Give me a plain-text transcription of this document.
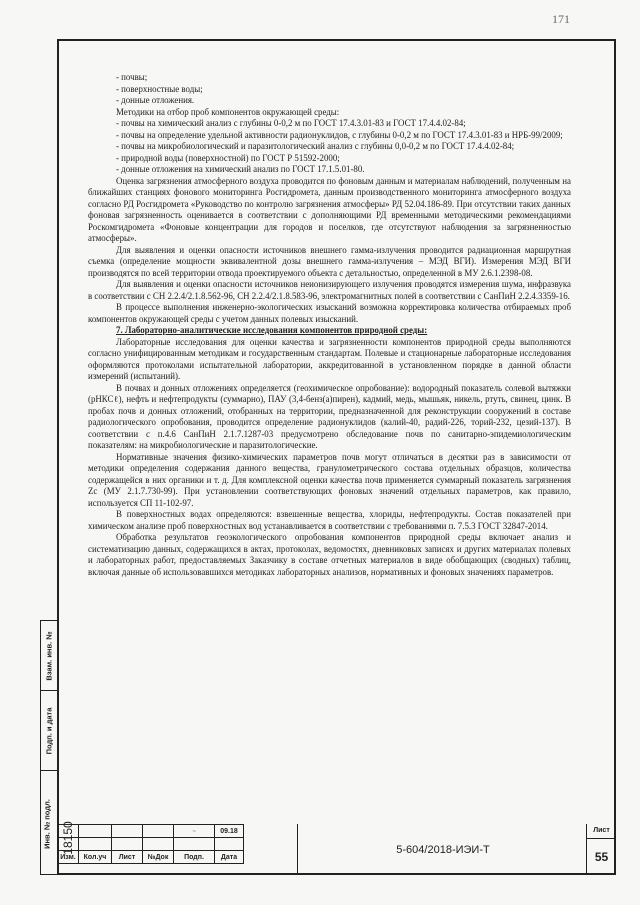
171

- почвы;

- поверхностные воды;

- донные отложения.

Методики на отбор проб компонентов окружающей среды:

- почвы на химический анализ с глубины 0-0,2 м по ГОСТ 17.4.3.01-83 и ГОСТ 17.4.4.02-84;

- почвы на определение удельной активности радионуклидов, с глубины 0-0,2 м по ГОСТ 17.4.3.01-83 и НРБ-99/2009;

- почвы на микробиологический и паразитологический анализ с глубины 0,0-0,2 м по ГОСТ 17.4.4.02-84;

- природной воды (поверхностной) по ГОСТ Р 51592-2000;

- донные отложения на химический анализ по ГОСТ 17.1.5.01-80.

Оценка загрязнения атмосферного воздуха проводится по фоновым данным и материалам наблюдений, полученным на ближайших станциях фонового мониторинга Росгидромета, данным производственного мониторинга атмосферного воздуха согласно РД Росгидромета «Руководство по контролю загрязнения атмосферы» РД 52.04.186-89. При отсутствии таких данных фоновая загрязненность оценивается в соответствии с дополняющими РД временными методическими рекомендациями Роскомгидромета «Фоновые концентрации для городов и поселков, где отсутствуют наблюдения за загрязненностью атмосферы».

Для выявления и оценки опасности источников внешнего гамма-излучения проводится радиационная маршрутная съемка (определение мощности эквивалентной дозы внешнего гамма-излучения – МЭД ВГИ). Измерения МЭД ВГИ производятся по всей территории отвода проектируемого объекта с детальностью, определенной в МУ 2.6.1.2398-08.

Для выявления и оценки опасности источников неионизирующего излучения проводятся измерения шума, инфразвука в соответствии с СН 2.2.4/2.1.8.562-96, СН 2.2.4/2.1.8.583-96, электромагнитных полей в соответствии с СанПиН 2.2.4.3359-16.

В процессе выполнения инженерно-экологических изысканий возможна корректировка количества отбираемых проб компонентов окружающей среды с учетом данных полевых изысканий.

7. Лабораторно-аналитические исследования компонентов природной среды:

Лабораторные исследования для оценки качества и загрязненности компонентов природной среды выполняются согласно унифицированным методикам и государственным стандартам. Полевые и стационарные лабораторные исследования оформляются протоколами испытательной лаборатории, аккредитованной в установленном порядке в данной области измерений (испытаний).

В почвах и донных отложениях определяется (геохимическое опробование): водородный показатель солевой вытяжки (рНКСℓ), нефть и нефтепродукты (суммарно), ПАУ (3,4-бенз(а)пирен), кадмий, медь, мышьяк, никель, ртуть, свинец, цинк. В пробах почв и донных отложений, отобранных на территории, предназначенной для реконструкции сооружений в составе радиологического опробования, проводится определение радионуклидов (калий-40, радий-226, торий-232, цезий-137). В соответствии с п.4.6 СанПиН 2.1.7.1287-03 предусмотрено обследование почв по санитарно-эпидемиологическим показателям: на микробиологические и паразитологические.

Нормативные значения физико-химических параметров почв могут отличаться в десятки раз в зависимости от методики определения содержания данного вещества, гранулометрического состава отдельных образцов, количества содержащейся в них органики и т. д. Для комплексной оценки качества почв применяется суммарный показатель загрязнения Zc (МУ 2.1.7.730-99). При установлении соответствующих фоновых значений отдельных параметров, как правило, используется СП 11-102-97.

В поверхностных водах определяются: взвешенные вещества, хлориды, нефтепродукты. Состав показателей при химическом анализе проб поверхностных вод устанавливается в соответствии с требованиями п. 7.5.3 ГОСТ 32847-2014.

Обработка результатов геоэкологического опробования компонентов природной среды включает анализ и систематизацию данных, содержащихся в актах, протоколах, ведомостях, дневниковых записях и других материалах полевых и лабораторных работ, предоставляемых Заказчику в составе отчетных материалов в виде обобщающих (сводных) таблиц, включая данные об использовавшихся методиках лабораторных анализов, нормативных и фоновых значениях параметров.

Взам. инв. №
Подп. и дата
Инв. № подл. 18150
					~	09.18

Изм.	Кол.уч	Лист	№Док	Подп.	Дата
5-604/2018-ИЭИ-Т
Лист
55
